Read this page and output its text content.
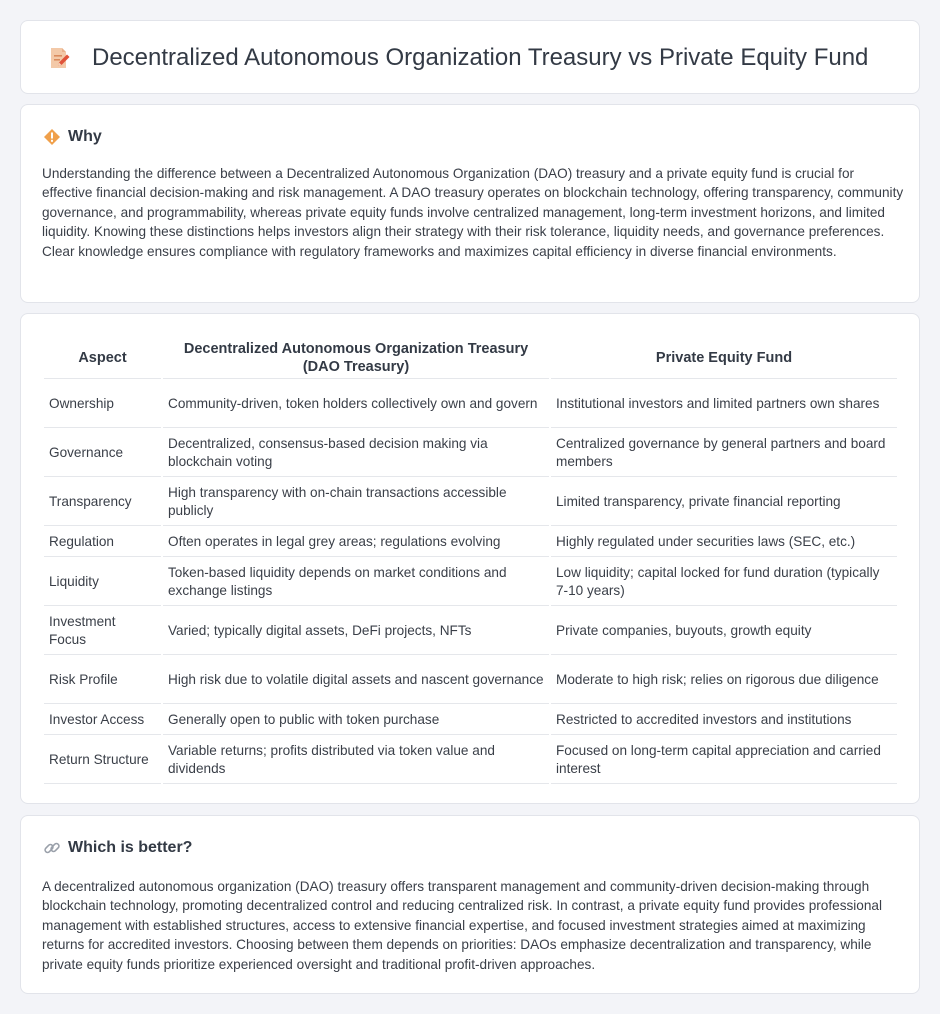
Decentralized Autonomous Organization Treasury vs Private Equity Fund
Why

Understanding the difference between a Decentralized Autonomous Organization (DAO) treasury and a private equity fund is crucial for effective financial decision-making and risk management. A DAO treasury operates on blockchain technology, offering transparency, community governance, and programmability, whereas private equity funds involve centralized management, long-term investment horizons, and limited liquidity. Knowing these distinctions helps investors align their strategy with their risk tolerance, liquidity needs, and governance preferences. Clear knowledge ensures compliance with regulatory frameworks and maximizes capital efficiency in diverse financial environments.

Aspect	Decentralized Autonomous Organization Treasury (DAO Treasury)	Private Equity Fund
Ownership	Community-driven, token holders collectively own and govern	Institutional investors and limited partners own shares
Governance	Decentralized, consensus-based decision making via blockchain voting	Centralized governance by general partners and board members
Transparency	High transparency with on-chain transactions accessible publicly	Limited transparency, private financial reporting
Regulation	Often operates in legal grey areas; regulations evolving	Highly regulated under securities laws (SEC, etc.)
Liquidity	Token-based liquidity depends on market conditions and exchange listings	Low liquidity; capital locked for fund duration (typically 7-10 years)
Investment Focus	Varied; typically digital assets, DeFi projects, NFTs	Private companies, buyouts, growth equity
Risk Profile	High risk due to volatile digital assets and nascent governance	Moderate to high risk; relies on rigorous due diligence
Investor Access	Generally open to public with token purchase	Restricted to accredited investors and institutions
Return Structure	Variable returns; profits distributed via token value and dividends	Focused on long-term capital appreciation and carried interest
Which is better?

A decentralized autonomous organization (DAO) treasury offers transparent management and community-driven decision-making through blockchain technology, promoting decentralized control and reducing centralized risk. In contrast, a private equity fund provides professional management with established structures, access to extensive financial expertise, and focused investment strategies aimed at maximizing returns for accredited investors. Choosing between them depends on priorities: DAOs emphasize decentralization and transparency, while private equity funds prioritize experienced oversight and traditional profit-driven approaches.
